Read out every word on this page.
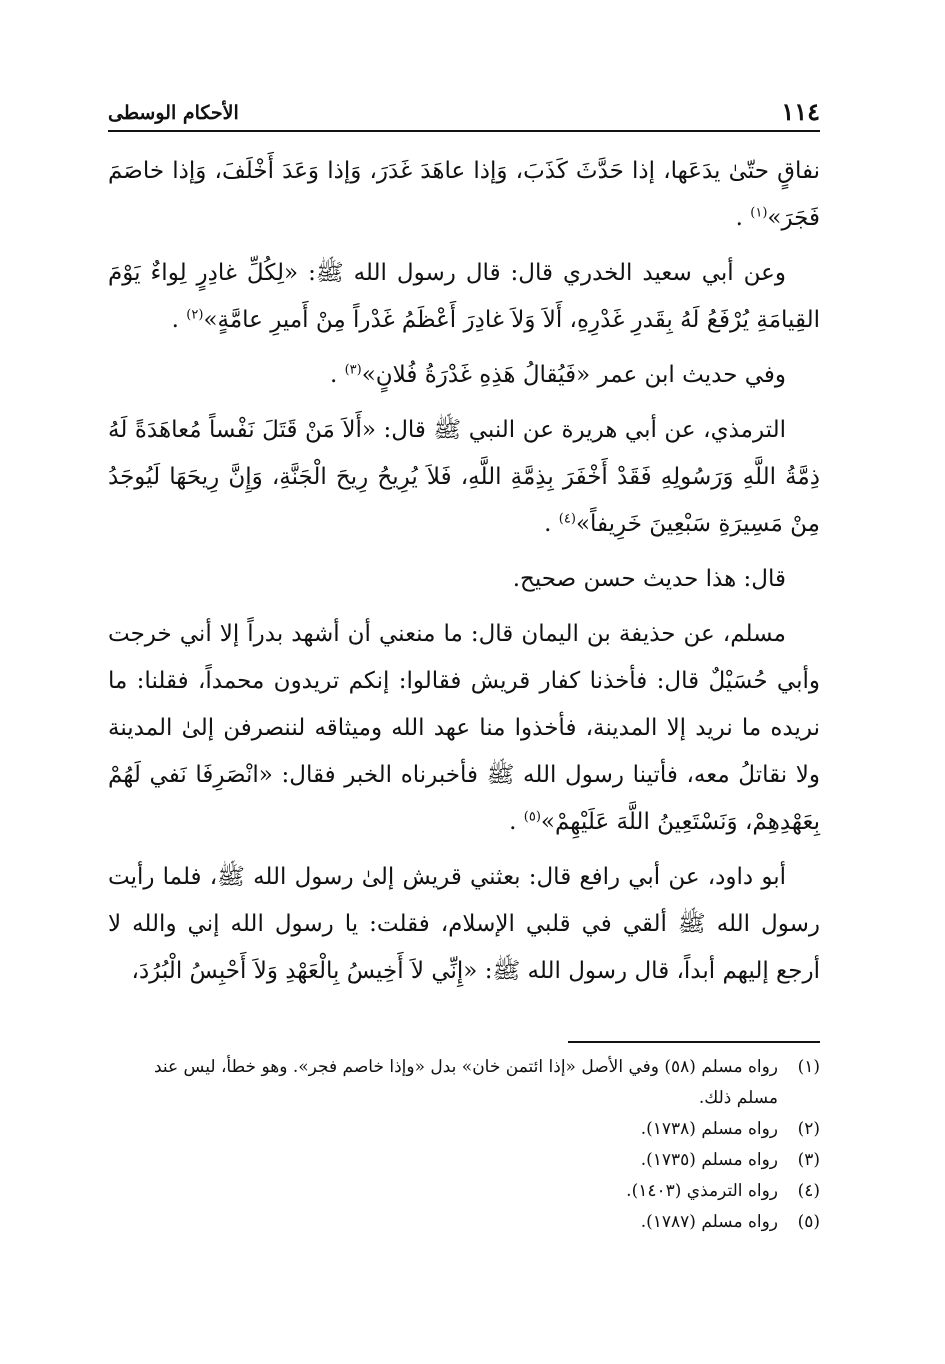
١١٤
الأحكام الوسطى

نفاقٍ حتّىٰ يدَعَها، إذا حَدَّثَ كَذَبَ، وَإذا عاهَدَ غَدَرَ، وَإذا وَعَدَ أَخْلَفَ، وَإذا خاصَمَ فَجَرَ»$^{(١)}$ .

وعن أبي سعيد الخدري قال: قال رسول الله ﷺ: «لِكُلِّ غادِرٍ لِواءٌ يَوْمَ القِيامَةِ يُرْفَعُ لَهُ بِقَدرِ غَدْرِهِ، أَلاَ وَلاَ غادِرَ أَعْظَمُ غَدْراً مِنْ أَميرِ عامَّةٍ»$^{(٢)}$ .

وفي حديث ابن عمر «فَيُقالُ هَذِهِ غَدْرَةُ فُلانٍ»$^{(٣)}$ .

الترمذي، عن أبي هريرة عن النبي ﷺ قال: «أَلاَ مَنْ قَتَلَ نَفْساً مُعاهَدَةً لَهُ ذِمَّةُ اللَّهِ وَرَسُولِهِ فَقَدْ أَخْفَرَ بِذِمَّةِ اللَّهِ، فَلاَ يُرِيحُ رِيحَ الْجَنَّةِ، وَإِنَّ رِيحَهَا لَيُوجَدُ مِنْ مَسِيرَةِ سَبْعِينَ خَرِيفاً»$^{(٤)}$ .

قال: هذا حديث حسن صحيح.

مسلم، عن حذيفة بن اليمان قال: ما منعني أن أشهد بدراً إلا أني خرجت وأبي حُسَيْلٌ قال: فأخذنا كفار قريش فقالوا: إنكم تريدون محمداً، فقلنا: ما نريده ما نريد إلا المدينة، فأخذوا منا عهد الله وميثاقه لننصرفن إلىٰ المدينة ولا نقاتلُ معه، فأتينا رسول الله ﷺ فأخبرناه الخبر فقال: «انْصَرِفَا نَفي لَهُمْ بِعَهْدِهِمْ، وَنَسْتَعِينُ اللَّهَ عَلَيْهِمْ»$^{(٥)}$ .

أبو داود، عن أبي رافع قال: بعثني قريش إلىٰ رسول الله ﷺ، فلما رأيت رسول الله ﷺ ألقي في قلبي الإسلام، فقلت: يا رسول الله إني والله لا أرجع إليهم أبداً، قال رسول الله ﷺ: «إِنِّي لاَ أَخِيسُ بِالْعَهْدِ وَلاَ أَحْبِسُ الْبُرُدَ،

(١)
رواه مسلم (٥٨) وفي الأصل «إذا ائتمن خان» بدل «وإذا خاصم فجر». وهو خطأ، ليس عند مسلم ذلك.
(٢)
رواه مسلم (١٧٣٨).
(٣)
رواه مسلم (١٧٣٥).
(٤)
رواه الترمذي (١٤٠٣).
(٥)
رواه مسلم (١٧٨٧).
